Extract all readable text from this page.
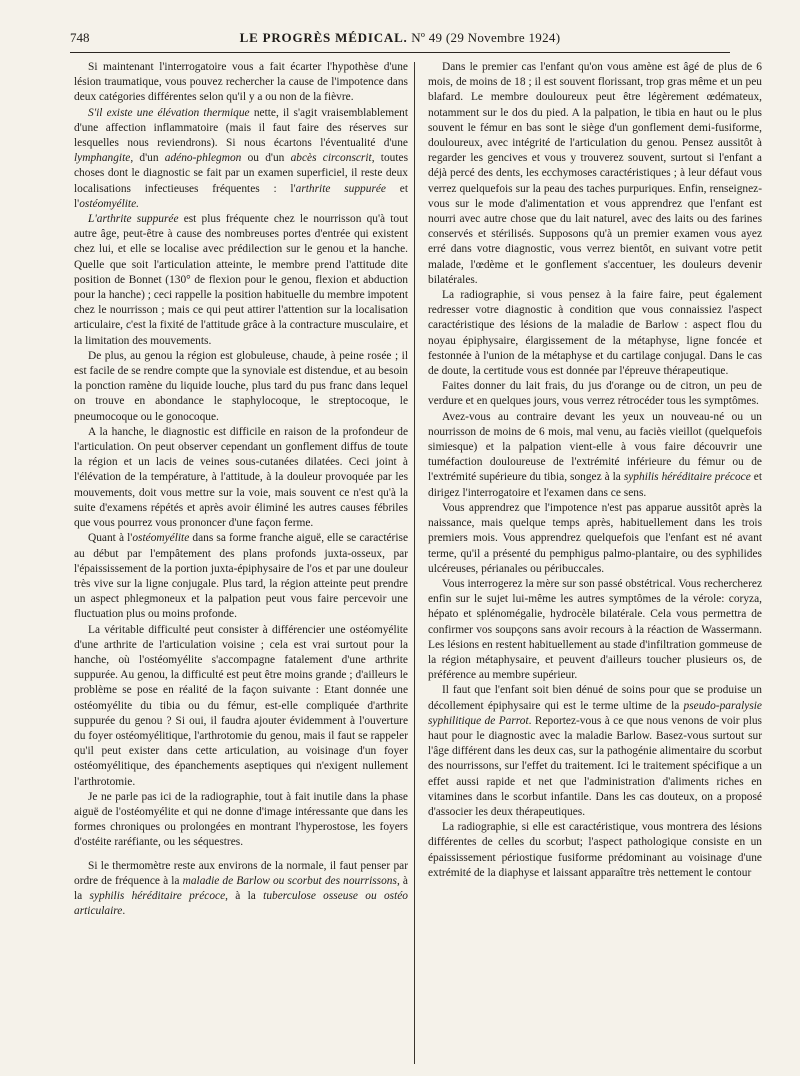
748	LE PROGRÈS MÉDICAL. Nº 49 (29 Novembre 1924)

Si maintenant l'interrogatoire vous a fait écarter l'hypothèse d'une lésion traumatique, vous pouvez rechercher la cause de l'impotence dans deux catégories différentes selon qu'il y a ou non de la fièvre.

S'il existe une élévation thermique nette, il s'agit vraisemblablement d'une affection inflammatoire (mais il faut faire des réserves sur lesquelles nous reviendrons). Si nous écartons l'éventualité d'une lymphangite, d'un adéno-phlegmon ou d'un abcès circonscrit, toutes choses dont le diagnostic se fait par un examen superficiel, il reste deux localisations infectieuses fréquentes : l'arthrite suppurée et l'ostéomyélite.

L'arthrite suppurée est plus fréquente chez le nourrisson qu'à tout autre âge, peut-être à cause des nombreuses portes d'entrée qui existent chez lui, et elle se localise avec prédilection sur le genou et la hanche. Quelle que soit l'articulation atteinte, le membre prend l'attitude dite position de Bonnet (130° de flexion pour le genou, flexion et abduction pour la hanche) ; ceci rappelle la position habituelle du membre impotent chez le nourrisson ; mais ce qui peut attirer l'attention sur la localisation articulaire, c'est la fixité de l'attitude grâce à la contracture musculaire, et la limitation des mouvements.

De plus, au genou la région est globuleuse, chaude, à peine rosée ; il est facile de se rendre compte que la synoviale est distendue, et au besoin la ponction ramène du liquide louche, plus tard du pus franc dans lequel on trouve en abondance le staphylocoque, le streptocoque, le pneumocoque ou le gonocoque.

A la hanche, le diagnostic est difficile en raison de la profondeur de l'articulation. On peut observer cependant un gonflement diffus de toute la région et un lacis de veines sous-cutanées dilatées. Ceci joint à l'élévation de la température, à l'attitude, à la douleur provoquée par les mouvements, doit vous mettre sur la voie, mais souvent ce n'est qu'à la suite d'examens répétés et après avoir éliminé les autres causes fébriles que vous pourrez vous prononcer d'une façon ferme.

Quant à l'ostéomyélite dans sa forme franche aiguë, elle se caractérise au début par l'empâtement des plans profonds juxta-osseux, par l'épaississement de la portion juxta-épiphysaire de l'os et par une douleur très vive sur la ligne conjugale. Plus tard, la région atteinte peut prendre un aspect phlegmoneux et la palpation peut vous faire percevoir une fluctuation plus ou moins profonde.

La véritable difficulté peut consister à différencier une ostéomyélite d'une arthrite de l'articulation voisine ; cela est vrai surtout pour la hanche, où l'ostéomyélite s'accompagne fatalement d'une arthrite suppurée. Au genou, la difficulté est peut être moins grande ; d'ailleurs le problème se pose en réalité de la façon suivante : Etant donnée une ostéomyélite du tibia ou du fémur, est-elle compliquée d'arthrite suppurée du genou ? Si oui, il faudra ajouter évidemment à l'ouverture du foyer ostéomyélitique, l'arthrotomie du genou, mais il faut se rappeler qu'il peut exister dans cette articulation, au voisinage d'un foyer ostéomyélitique, des épanchements aseptiques qui n'exigent nullement l'arthrotomie.

Je ne parle pas ici de la radiographie, tout à fait inutile dans la phase aiguë de l'ostéomyélite et qui ne donne d'image intéressante que dans les formes chroniques ou prolongées en montrant l'hyperostose, les foyers d'ostéite raréfiante, ou les séquestres.

Si le thermomètre reste aux environs de la normale, il faut penser par ordre de fréquence à la maladie de Barlow ou scorbut des nourrissons, à la syphilis héréditaire précoce, à la tuberculose osseuse ou ostéo articulaire.

Dans le premier cas l'enfant qu'on vous amène est âgé de plus de 6 mois, de moins de 18 ; il est souvent florissant, trop gras même et un peu blafard. Le membre douloureux peut être légèrement œdémateux, notamment sur le dos du pied. A la palpation, le tibia en haut ou le plus souvent le fémur en bas sont le siège d'un gonflement demi-fusiforme, douloureux, avec intégrité de l'articulation du genou. Pensez aussitôt à regarder les gencives et vous y trouverez souvent, surtout si l'enfant a déjà percé des dents, les ecchymoses caractéristiques ; à leur défaut vous verrez quelquefois sur la peau des taches purpuriques. Enfin, renseignez-vous sur le mode d'alimentation et vous apprendrez que l'enfant est nourri avec autre chose que du lait naturel, avec des laits ou des farines conservés et stérilisés. Supposons qu'à un premier examen vous ayez erré dans votre diagnostic, vous verrez bientôt, en suivant votre petit malade, l'œdème et le gonflement s'accentuer, les douleurs devenir bilatérales.

La radiographie, si vous pensez à la faire faire, peut également redresser votre diagnostic à condition que vous connaissiez l'aspect caractéristique des lésions de la maladie de Barlow : aspect flou du noyau épiphysaire, élargissement de la métaphyse, ligne foncée et festonnée à l'union de la métaphyse et du cartilage conjugal. Dans le cas de doute, la certitude vous est donnée par l'épreuve thérapeutique.

Faites donner du lait frais, du jus d'orange ou de citron, un peu de verdure et en quelques jours, vous verrez rétrocéder tous les symptômes.

Avez-vous au contraire devant les yeux un nouveau-né ou un nourrisson de moins de 6 mois, mal venu, au faciès vieillot (quelquefois simiesque) et la palpation vient-elle à vous faire découvrir une tuméfaction douloureuse de l'extrémité inférieure du fémur ou de l'extrémité supérieure du tibia, songez à la syphilis héréditaire précoce et dirigez l'interrogatoire et l'examen dans ce sens.

Vous apprendrez que l'impotence n'est pas apparue aussitôt après la naissance, mais quelque temps après, habituellement dans les trois premiers mois. Vous apprendrez quelquefois que l'enfant est né avant terme, qu'il a présenté du pemphigus palmo-plantaire, ou des syphilides ulcéreuses, périanales ou péribuccales.

Vous interrogerez la mère sur son passé obstétrical. Vous rechercherez enfin sur le sujet lui-même les autres symptômes de la vérole: coryza, hépato et splénomégalie, hydrocèle bilatérale. Cela vous permettra de confirmer vos soupçons sans avoir recours à la réaction de Wassermann. Les lésions en restent habituellement au stade d'infiltration gommeuse de la région métaphysaire, et peuvent d'ailleurs toucher plusieurs os, de préférence au membre supérieur.

Il faut que l'enfant soit bien dénué de soins pour que se produise un décollement épiphysaire qui est le terme ultime de la pseudo-paralysie syphilitique de Parrot. Reportez-vous à ce que nous venons de voir plus haut pour le diagnostic avec la maladie Barlow. Basez-vous surtout sur l'âge différent dans les deux cas, sur la pathogénie alimentaire du scorbut des nourrissons, sur l'effet du traitement. Ici le traitement spécifique a un effet aussi rapide et net que l'administration d'aliments riches en vitamines dans le scorbut infantile. Dans les cas douteux, on a proposé d'associer les deux thérapeutiques.

La radiographie, si elle est caractéristique, vous montrera des lésions différentes de celles du scorbut; l'aspect pathologique consiste en un épaississement périostique fusiforme prédominant au voisinage d'une extrémité de la diaphyse et laissant apparaître très nettement le contour
